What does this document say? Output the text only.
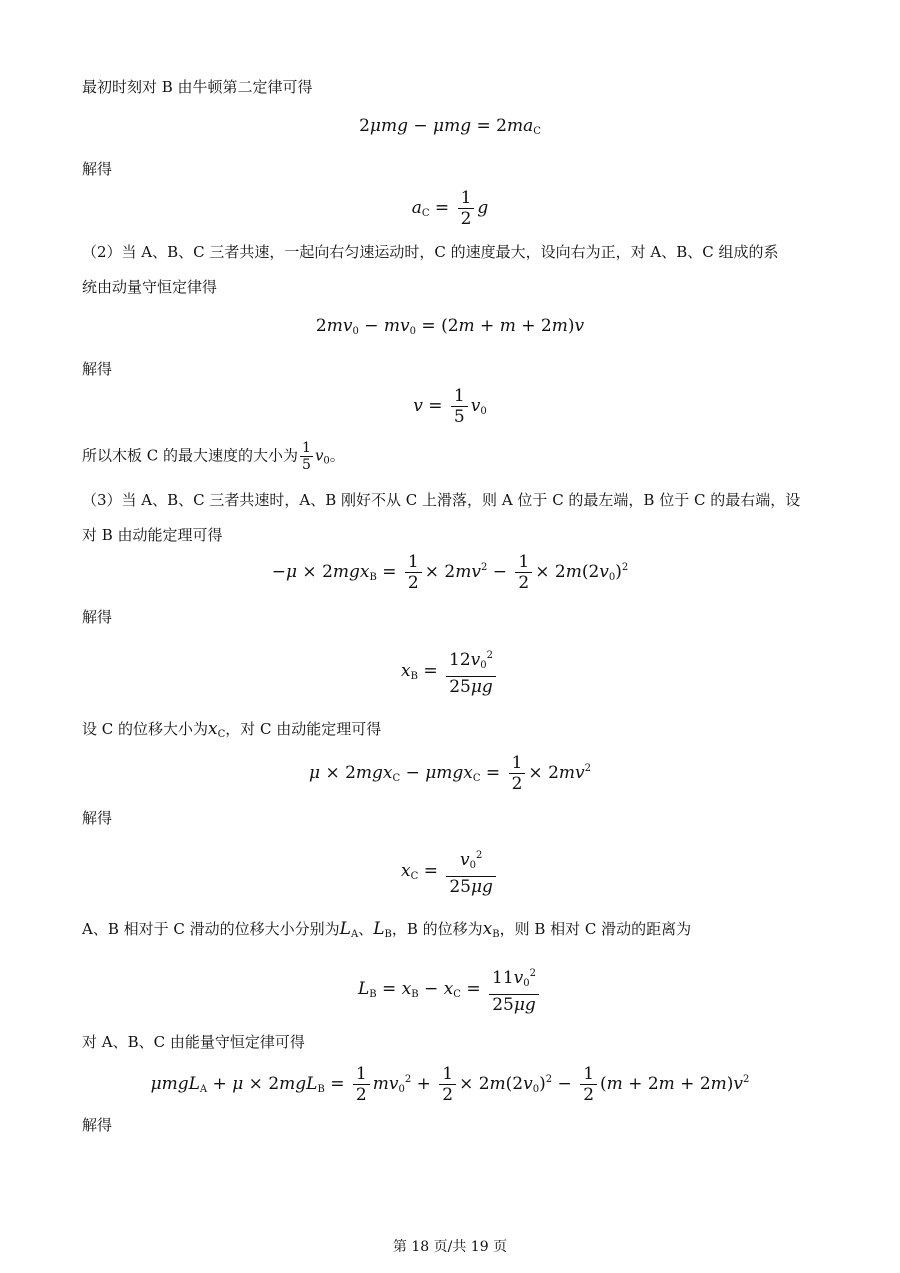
最初时刻对 B 由牛顿第二定律可得
$2\mu mg - \mu mg = 2ma_C$
解得
$a_C = \frac{1}{2}$ g
（2）当 A、B、C 三者共速，一起向右匀速运动时，C 的速度最大，设向右为正，对 A、B、C 组成的系
统由动量守恒定律得
$2mv_0 - mv_0 = (2m + m + 2m)v$
解得
$v = \frac{1}{5} v_0$
所以木板 C 的最大速度的大小为 $\frac{1}{5} v_0$。
（3）当 A、B、C 三者共速时，A、B 刚好不从 C 上滑落，则 A 位于 C 的最左端，B 位于 C 的最右端，设
对 B 由动能定理可得
$-\mu \times 2mgx_B = \frac{1}{2} \times 2mv^2 - \frac{1}{2} \times 2m(2v_0)^2$
解得
$x_B = \frac{12v_0^2}{25\mu g}$
设 C 的位移大小为$x_C$，对 C 由动能定理可得
$\mu \times 2mgx_C - \mu mgx_C = \frac{1}{2} \times 2mv^2$
解得
$x_C = \frac{v_0^2}{25\mu g}$
A、B 相对于 C 滑动的位移大小分别为$L_A$、$L_B$，B 的位移为$x_B$，则 B 相对 C 滑动的距离为
$L_B = x_B - x_C = \frac{11v_0^2}{25\mu g}$
对 A、B、C 由能量守恒定律可得
$\mu mgL_A + \mu \times 2mgL_B = \frac{1}{2} mv_0^2 + \frac{1}{2} \times 2m(2v_0)^2 - \frac{1}{2} (m + 2m + 2m)v^2$
解得
第 18 页/共 19 页
